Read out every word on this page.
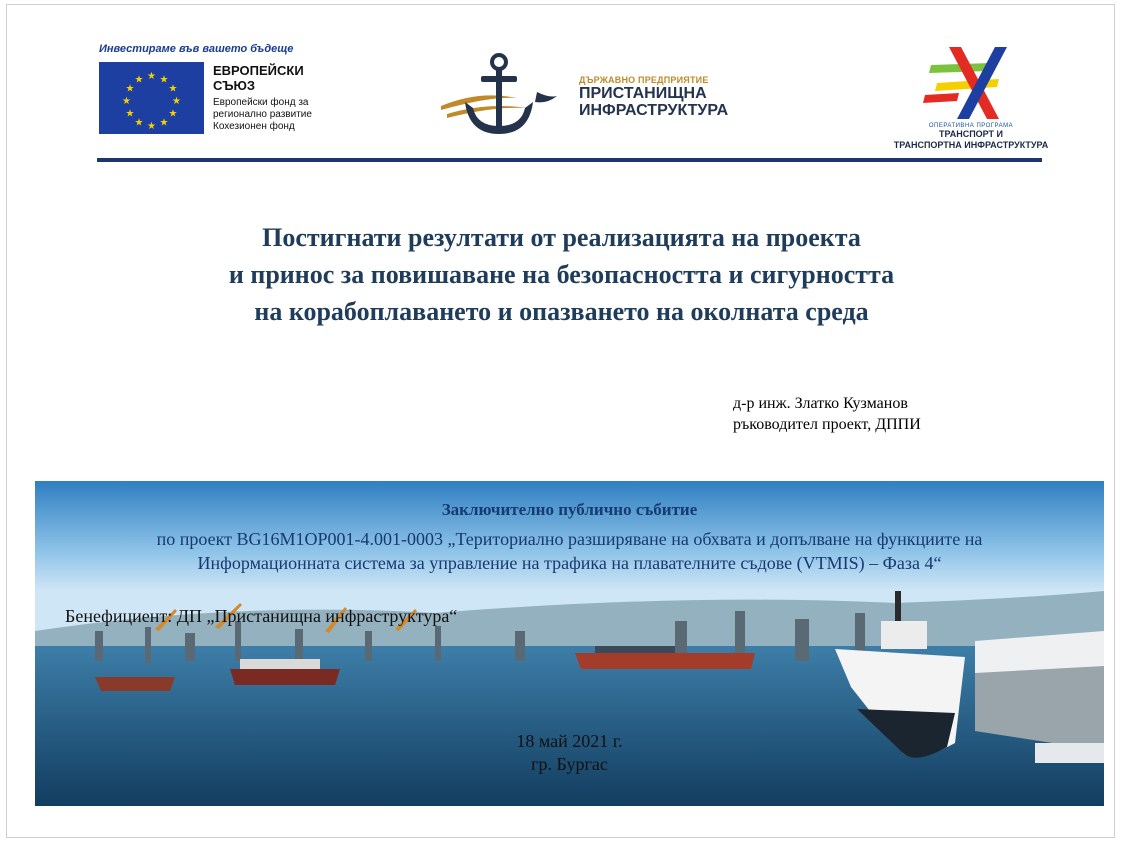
Инвестираме във вашето бъдеще
★ ★
★
★
★
★
★
★
★
★
★
★
ЕВРОПЕЙСКИ
СЪЮЗ
Европейски фонд за
регионално развитие
Кохезионен фонд
ДЪРЖАВНО ПРЕДПРИЯТИЕ
ПРИСТАНИЩНА
ИНФРАСТРУКТУРА
ОПЕРАТИВНА ПРОГРАМА
ТРАНСПОРТ И
ТРАНСПОРТНА ИНФРАСТРУКТУРА
Постигнати резултати от реализацията на проекта
и принос за повишаване на безопасността и сигурността
на корабоплаването и опазването на околната среда
д-р инж. Златко Кузманов
ръководител проект, ДППИ
Заключително публично събитие
по проект BG16M1OP001-4.001-0003 „Териториално разширяване на обхвата и допълване на функциите на
Информационната система за управление на трафика на плавателните съдове (VTMIS) – Фаза 4“
Бенефициент: ДП „Пристанищна инфраструктура“
18 май 2021 г.
гр. Бургас
